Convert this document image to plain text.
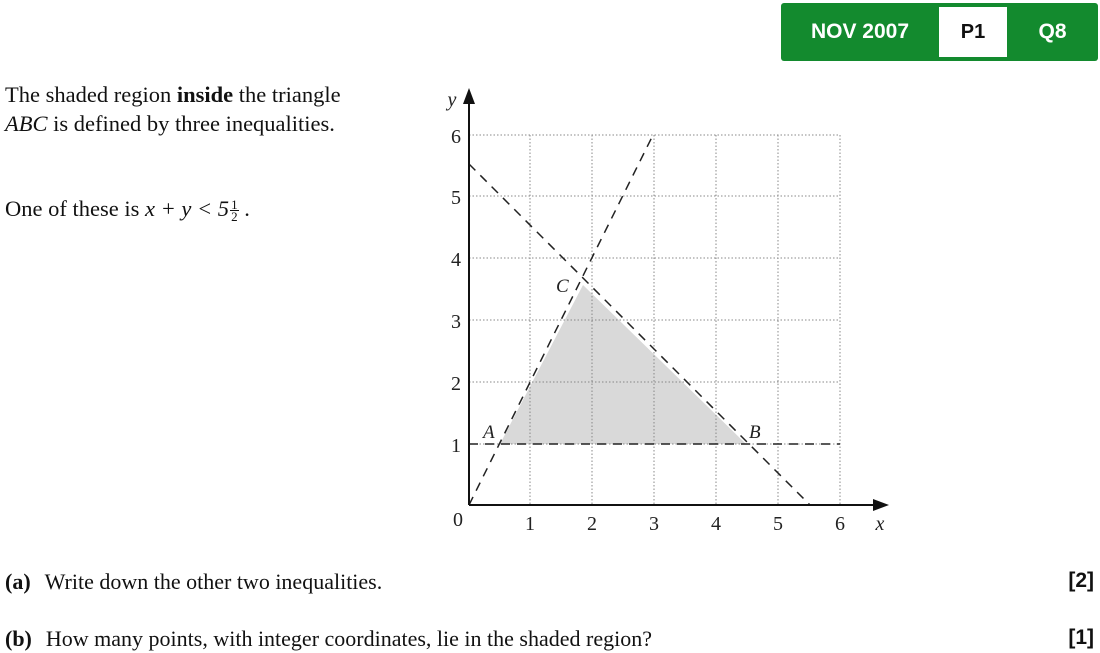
NOV 2007	P1	Q8

The shaded region inside the triangle ABC is defined by three inequalities.

One of these is $x + y < 5 \frac{1}{2}$ .

0	1	2	3	4	5	6
1
2
3
4
5
6
x
y
A	B
C
(a) Write down the other two inequalities.	[2]
(b) How many points, with integer coordinates, lie in the shaded region?	[1]
